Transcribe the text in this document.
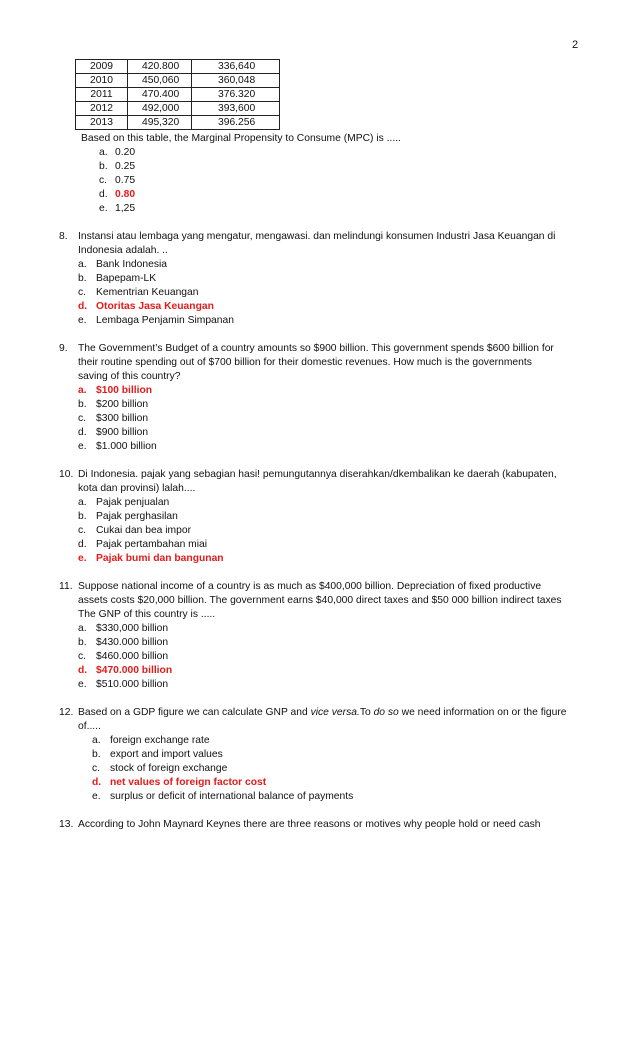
2
2009	420.800	336,640
2010	450,060	360,048
2011	470.400	376.320
2012	492,000	393,600
2013	495,320	396.256
Based on this table, the Marginal Propensity to Consume (MPC) is .....
a. 0.20
b. 0.25
c. 0.75
d. 0.80
e. 1,25
8. Instansi atau lembaga yang mengatur, mengawasi. dan melindungi konsumen Industri Jasa Keuangan di
Indonesia adalah. ..
a. Bank Indonesia
b. Bapepam-LK
c. Kementrian Keuangan
d. Otoritas Jasa Keuangan
e. Lembaga Penjamin Simpanan
9. The Government’s Budget of a country amounts so $900 billion. This government spends $600 billion for
their routine spending out of $700 billion for their domestic revenues. How much is the governments
saving of this country?
a. $100 billion
b. $200 billion
c. $300 billion
d. $900 billion
e. $1.000 billion
10. Di Indonesia. pajak yang sebagian hasi! pemungutannya diserahkan/dkembalikan ke daerah (kabupaten,
kota dan provinsi) lalah....
a. Pajak penjualan
b. Pajak perghasilan
c. Cukai dan bea impor
d. Pajak pertambahan miai
e. Pajak bumi dan bangunan
11. Suppose national income of a country is as much as $400,000 billion. Depreciation of fixed productive
assets costs $20,000 billion. The government earns $40,000 direct taxes and $50 000 billion indirect taxes
The GNP of this country is .....
a. $330,000 billion
b. $430.000 billion
c. $460.000 billion
d. $470.000 billion
e. $510.000 billion
12. Based on a GDP figure we can calculate GNP and vice versa.To do so we need information on or the figure
of.....
a. foreign exchange rate
b. export and import values
c. stock of foreign exchange
d. net values of foreign factor cost
e. surplus or deficit of international balance of payments
13. According to John Maynard Keynes there are three reasons or motives why people hold or need cash
